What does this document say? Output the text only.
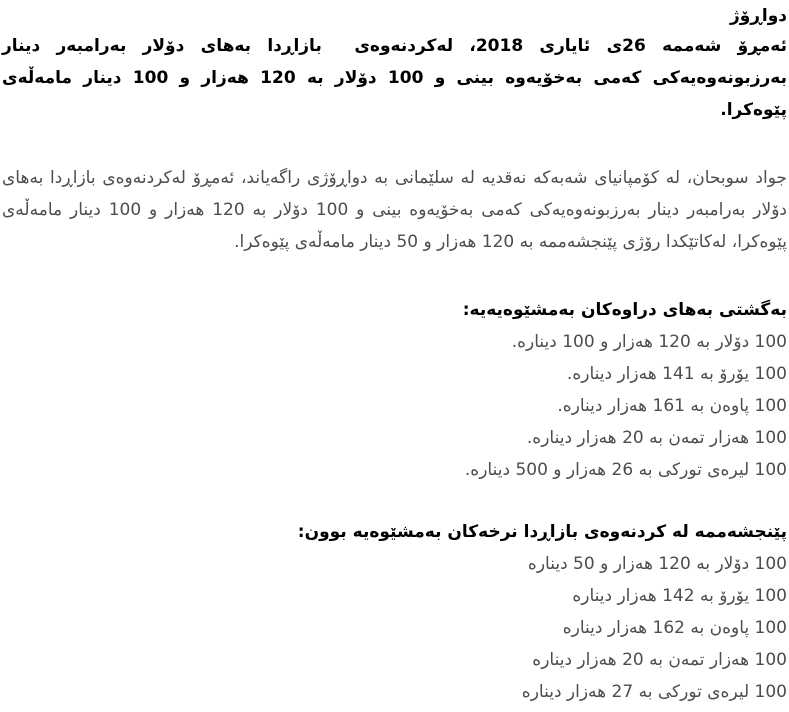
دواڕۆژ

ئەمڕۆ شەممە 26ی ئایاری 2018، لەکردنەوەی  بازاڕدا بەهای دۆلار بەرامبەر دینار بەرزبونەوەیەکی کەمی بەخۆیەوە بینی و 100 دۆلار بە 120 هەزار و 100 دینار مامەڵەی پێوەکرا.

جواد سوبحان، لە کۆمپانیای شەبەکە نەقدیە لە سلێمانی بە دواڕۆژی راگەیاند، ئەمڕۆ لەکردنەوەی بازاڕدا بەهای دۆلار بەرامبەر دینار بەرزبونەوەیەکی کەمی بەخۆیەوە بینی و 100 دۆلار بە 120 هەزار و 100 دینار مامەڵەی پێوەکرا، لەکاتێکدا رۆژی پێنجشەممە بە 120 هەزار و 50 دینار مامەڵەی پێوەکرا.

بەگشتی بەهای دراوەکان بەمشێوەیەیە:
100 دۆلار بە 120 هەزار و 100 دینارە.
100 یۆرۆ بە 141 هەزار دینارە.
100 پاوەن بە 161 هەزار دینارە.
100 هەزار تمەن بە 20 هەزار دینارە.
100 لیرەی تورکی بە 26 هەزار و 500 دینارە.
پێنجشەممە لە کردنەوەی بازاڕدا نرخەکان بەمشێوەیە بوون:
100 دۆلار بە 120 هەزار و 50 دینارە
100 یۆرۆ بە 142 هەزار دینارە
100 پاوەن بە 162 هەزار دینارە
100 هەزار تمەن بە 20 هەزار دینارە
100 لیرەی تورکی بە 27 هەزار دینارە
